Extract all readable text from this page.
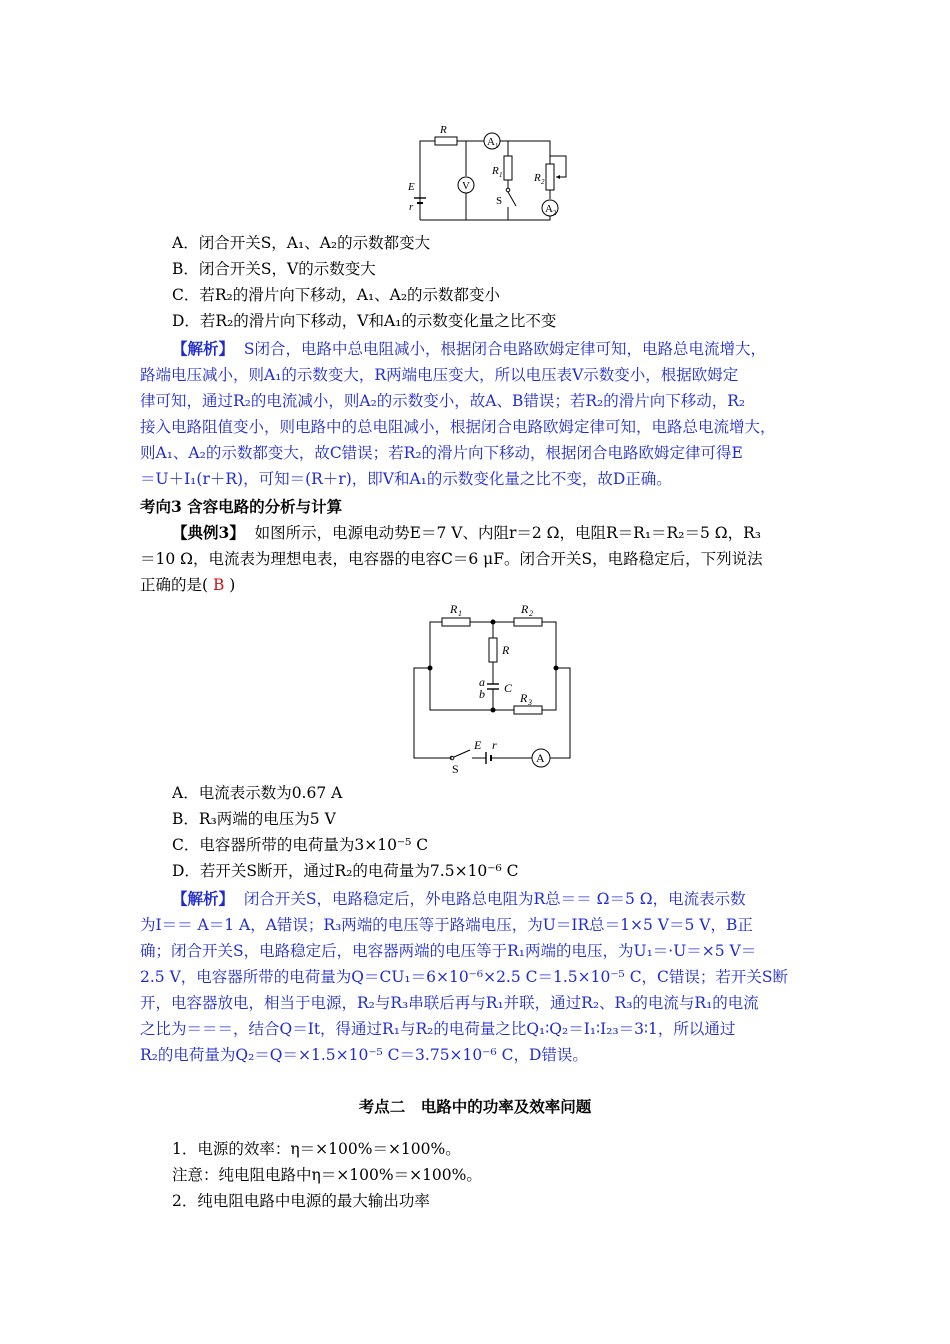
R
A 1
V
R 1
S
R 2
A 2
E
r
A．闭合开关S，A₁、A₂的示数都变大
B．闭合开关S，V的示数变大
C．若R₂的滑片向下移动，A₁、A₂的示数都变小
D．若R₂的滑片向下移动，V和A₁的示数变化量之比不变
【解析】 S闭合，电路中总电阻减小，根据闭合电路欧姆定律可知，电路总电流增大，
路端电压减小，则A₁的示数变大，R两端电压变大，所以电压表V示数变小，根据欧姆定
律可知，通过R₂的电流减小，则A₂的示数变小，故A、B错误；若R₂的滑片向下移动，R₂
接入电路阻值变小，则电路中的总电阻减小，根据闭合电路欧姆定律可知，电路总电流增大，
则A₁、A₂的示数都变大，故C错误；若R₂的滑片向下移动，根据闭合电路欧姆定律可得E
＝U＋I₁(r＋R)，可知＝(R＋r)，即V和A₁的示数变化量之比不变，故D正确。
考向3 含容电路的分析与计算
【典例3】 如图所示，电源电动势E＝7 V、内阻r＝2 Ω，电阻R＝R₁＝R₂＝5 Ω，R₃
＝10 Ω，电流表为理想电表，电容器的电容C＝6 μF。闭合开关S，电路稳定后，下列说法
正确的是( B )
R 1	R 2
R
a
b C
R 3
E r
A
S
A．电流表示数为0.67 A
B．R₃两端的电压为5 V
C．电容器所带的电荷量为3×10⁻⁵ C
D．若开关S断开，通过R₂的电荷量为7.5×10⁻⁶ C
【解析】 闭合开关S，电路稳定后，外电路总电阻为R总＝＝ Ω＝5 Ω，电流表示数
为I＝＝ A＝1 A，A错误；R₃两端的电压等于路端电压，为U＝IR总＝1×5 V＝5 V，B正
确；闭合开关S，电路稳定后，电容器两端的电压等于R₁两端的电压，为U₁＝·U＝×5 V＝
2.5 V，电容器所带的电荷量为Q＝CU₁＝6×10⁻⁶×2.5 C＝1.5×10⁻⁵ C，C错误；若开关S断
开，电容器放电，相当于电源，R₂与R₃串联后再与R₁并联，通过R₂、R₃的电流与R₁的电流
之比为＝＝＝，结合Q＝It，得通过R₁与R₂的电荷量之比Q₁∶Q₂＝I₁∶I₂₃＝3∶1，所以通过
R₂的电荷量为Q₂＝Q＝×1.5×10⁻⁵ C＝3.75×10⁻⁶ C，D错误。
考点二　电路中的功率及效率问题
1．电源的效率：η＝×100%＝×100%。
注意：纯电阻电路中η＝×100%＝×100%。
2．纯电阻电路中电源的最大输出功率
